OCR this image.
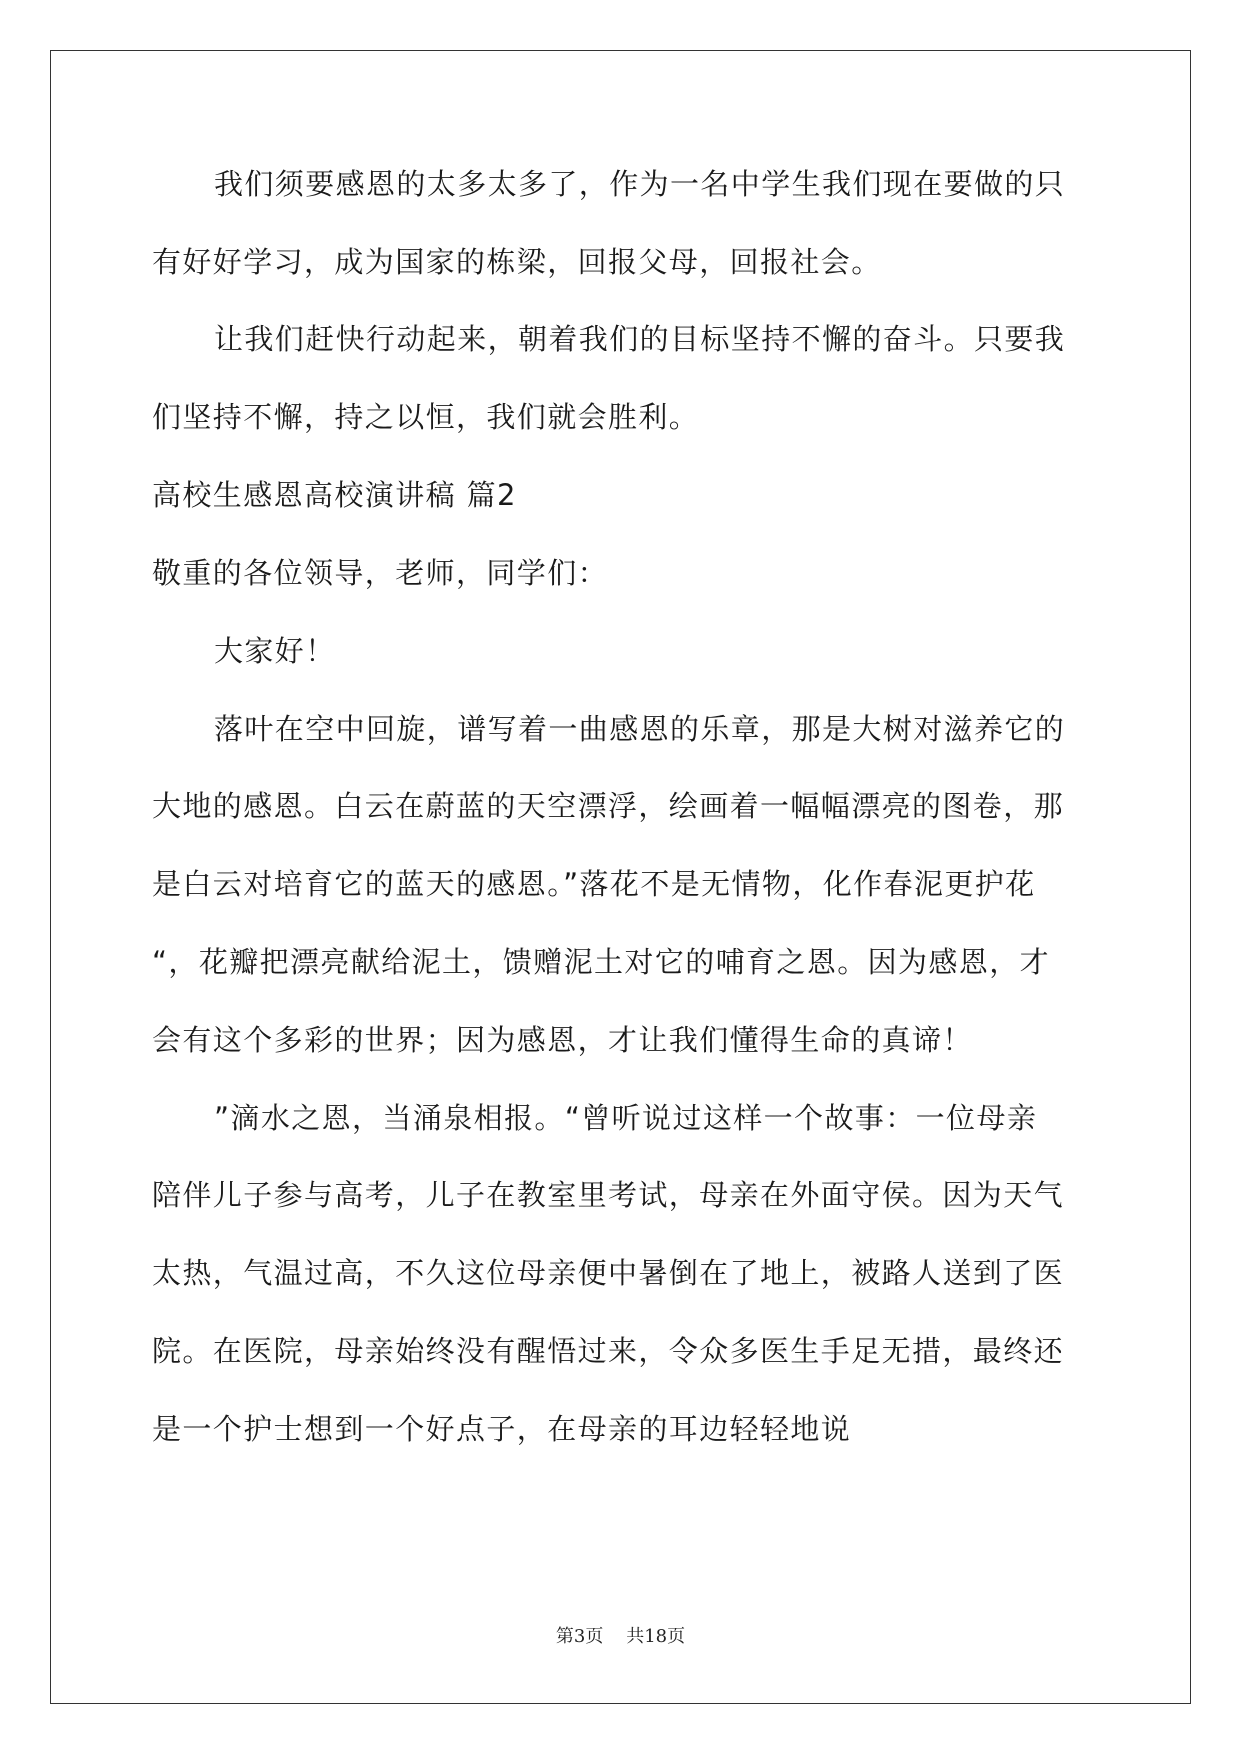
我们须要感恩的太多太多了，作为一名中学生我们现在要做的只
有好好学习，成为国家的栋梁，回报父母，回报社会。
让我们赶快行动起来，朝着我们的目标坚持不懈的奋斗。只要我
们坚持不懈，持之以恒，我们就会胜利。
高校生感恩高校演讲稿 篇2
敬重的各位领导，老师，同学们：
大家好！
落叶在空中回旋，谱写着一曲感恩的乐章，那是大树对滋养它的
大地的感恩。白云在蔚蓝的天空漂浮，绘画着一幅幅漂亮的图卷，那
是白云对培育它的蓝天的感恩。”落花不是无情物，化作春泥更护花
“，花瓣把漂亮献给泥土，馈赠泥土对它的哺育之恩。因为感恩，才
会有这个多彩的世界；因为感恩，才让我们懂得生命的真谛！
”滴水之恩，当涌泉相报。“曾听说过这样一个故事：一位母亲
陪伴儿子参与高考，儿子在教室里考试，母亲在外面守侯。因为天气
太热，气温过高，不久这位母亲便中暑倒在了地上，被路人送到了医
院。在医院，母亲始终没有醒悟过来，令众多医生手足无措，最终还
是一个护士想到一个好点子，在母亲的耳边轻轻地说
第3页    共18页
